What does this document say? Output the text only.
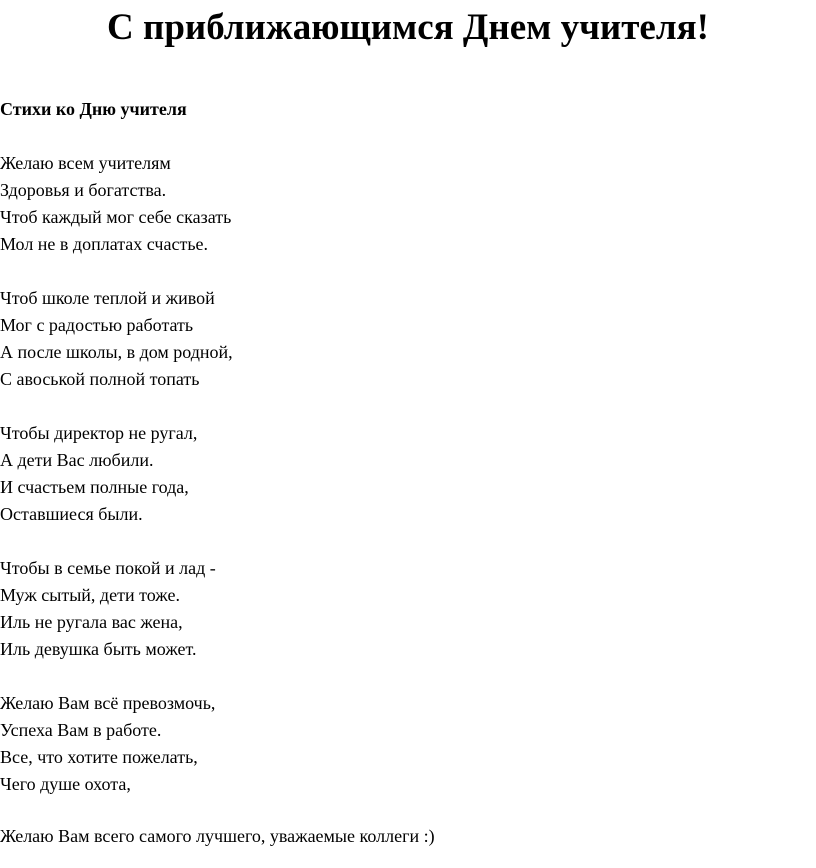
С приближающимся Днем учителя!
Стихи ко Дню учителя
Желаю всем учителям
Здоровья и богатства.
Чтоб каждый мог себе сказать
Мол не в доплатах счастье.
Чтоб школе теплой и живой
Мог с радостью работать
А после школы, в дом родной,
С авоськой полной топать
Чтобы директор не ругал,
А дети Вас любили.
И счастьем полные года,
Оставшиеся были.
Чтобы в семье покой и лад -
Муж сытый, дети тоже.
Иль не ругала вас жена,
Иль девушка быть может.
Желаю Вам всё превозмочь,
Успеха Вам в работе.
Все, что хотите пожелать,
Чего душе охота,

Желаю Вам всего самого лучшего, уважаемые коллеги :)
